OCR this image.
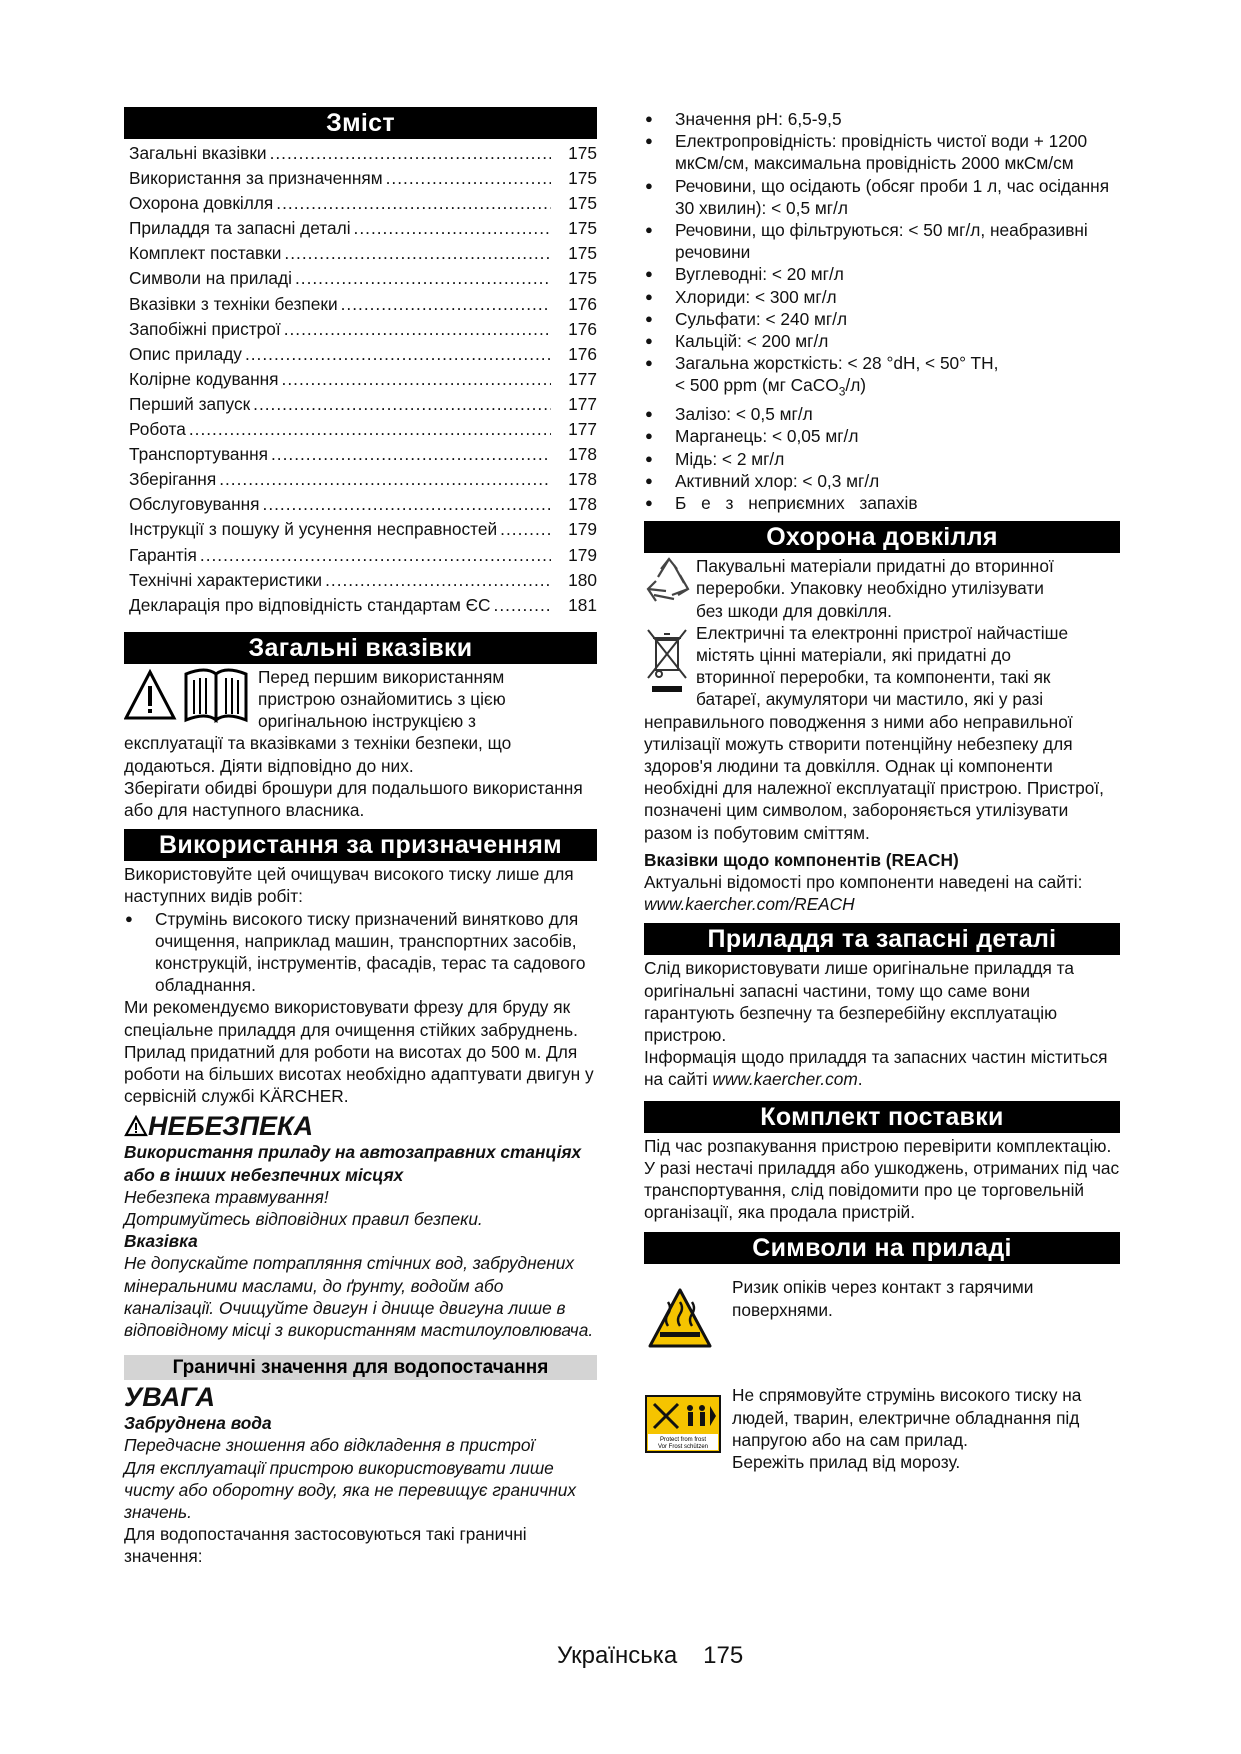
Зміст
Загальні вказівки .....	175
Використання за призначенням .....	175
Охорона довкілля .....	175
Приладдя та запасні деталі .....	175
Комплект поставки .....	175
Символи на приладі .....	175
Вказівки з техніки безпеки .....	176
Запобіжні пристрої .....	176
Опис приладу .....	176
Колірне кодування .....	177
Перший запуск .....	177
Робота .....	177
Транспортування .....	178
Зберігання .....	178
Обслуговування .....	178
Інструкції з пошуку й усунення несправностей .....	179
Гарантія .....	179
Технічні характеристики .....	180
Декларація про відповідність стандартам ЄС .....	181
Загальні вказівки

Перед першим використанням

пристрою ознайомитись з цією

оригінальною інструкцією з

експлуатації та вказівками з техніки безпеки, що додаються. Діяти відповідно до них.

Зберігати обидві брошури для подальшого використання або для наступного власника.

Використання за призначенням

Використовуйте цей очищувач високого тиску лише для наступних видів робіт:

● Струмінь високого тиску призначений винятково для очищення, наприклад машин, транспортних засобів, конструкцій, інструментів, фасадів, терас та садового обладнання.

Ми рекомендуємо використовувати фрезу для бруду як спеціальне приладдя для очищення стійких забруднень.

Прилад придатний для роботи на висотах до 500 м. Для роботи на більших висотах необхідно адаптувати двигун у сервісній службі KÄRCHER.

НЕБЕЗПЕКА

Використання приладу на автозаправних станціях або в інших небезпечних місцях

Небезпека травмування!

Дотримуйтесь відповідних правил безпеки.

Вказівка

Не допускайте потрапляння стічних вод, забруднених мінеральними маслами, до ґрунту, водойм або каналізації. Очищуйте двигун і днище двигуна лише в відповідному місці з використанням мастилоуловлювача.

Граничні значення для водопостачання
УВАГА

Забруднена вода

Передчасне зношення або відкладення в пристрої

Для експлуатації пристрою використовувати лише чисту або оборотну воду, яка не перевищує граничних значень.

Для водопостачання застосовуються такі граничні значення:

● Значення pH: 6,5-9,5
● Електропровідність: провідність чистої води + 1200 мкСм/см, максимальна провідність 2000 мкСм/см
● Речовини, що осідають (обсяг проби 1 л, час осідання 30 хвилин): < 0,5 мг/л
● Речовини, що фільтруються: < 50 мг/л, неабразивні речовини
● Вуглеводні: < 20 мг/л
● Хлориди: < 300 мг/л
● Сульфати: < 240 мг/л
● Кальцій: < 200 мг/л
● Загальна жорсткість: < 28 °dH, < 50° TH,
< 500 ppm (мг CaCO$_3$/л)
● Залізо: < 0,5 мг/л
● Марганець: < 0,05 мг/л
● Мідь: < 2 мг/л
● Активний хлор: < 0,3 мг/л
● Б е з неприємних запахів
Охорона довкілля

Пакувальні матеріали придатні до вторинної

переробки. Упаковку необхідно утилізувати

без шкоди для довкілля.

Електричні та електронні пристрої найчастіше

містять цінні матеріали, які придатні до

вторинної переробки, та компоненти, такі як

батареї, акумулятори чи мастило, які у разі

неправильного поводження з ними або неправильної утилізації можуть створити потенційну небезпеку для здоров'я людини та довкілля. Однак ці компоненти необхідні для належної експлуатації пристрою. Пристрої, позначені цим символом, забороняється утилізувати разом із побутовим сміттям.

Вказівки щодо компонентів (REACH)

Актуальні відомості про компоненти наведені на сайті: www.kaercher.com/REACH

Приладдя та запасні деталі

Слід використовувати лише оригінальне приладдя та оригінальні запасні частини, тому що саме вони гарантують безпечну та безперебійну експлуатацію пристрою.

Інформація щодо приладдя та запасних частин міститься на сайті www.kaercher.com.

Комплект поставки

Під час розпакування пристрою перевірити комплектацію. У разі нестачі приладдя або ушкоджень, отриманих під час транспортування, слід повідомити про це торговельній організації, яка продала пристрій.

Символи на приладі

Ризик опіків через контакт з гарячими поверхнями.

Protect from frost
Vor Frost schützen

Не спрямовуйте струмінь високого тиску на людей, тварин, електричне обладнання під напругою або на сам прилад.

Бережіть прилад від морозу.

Українська 175
